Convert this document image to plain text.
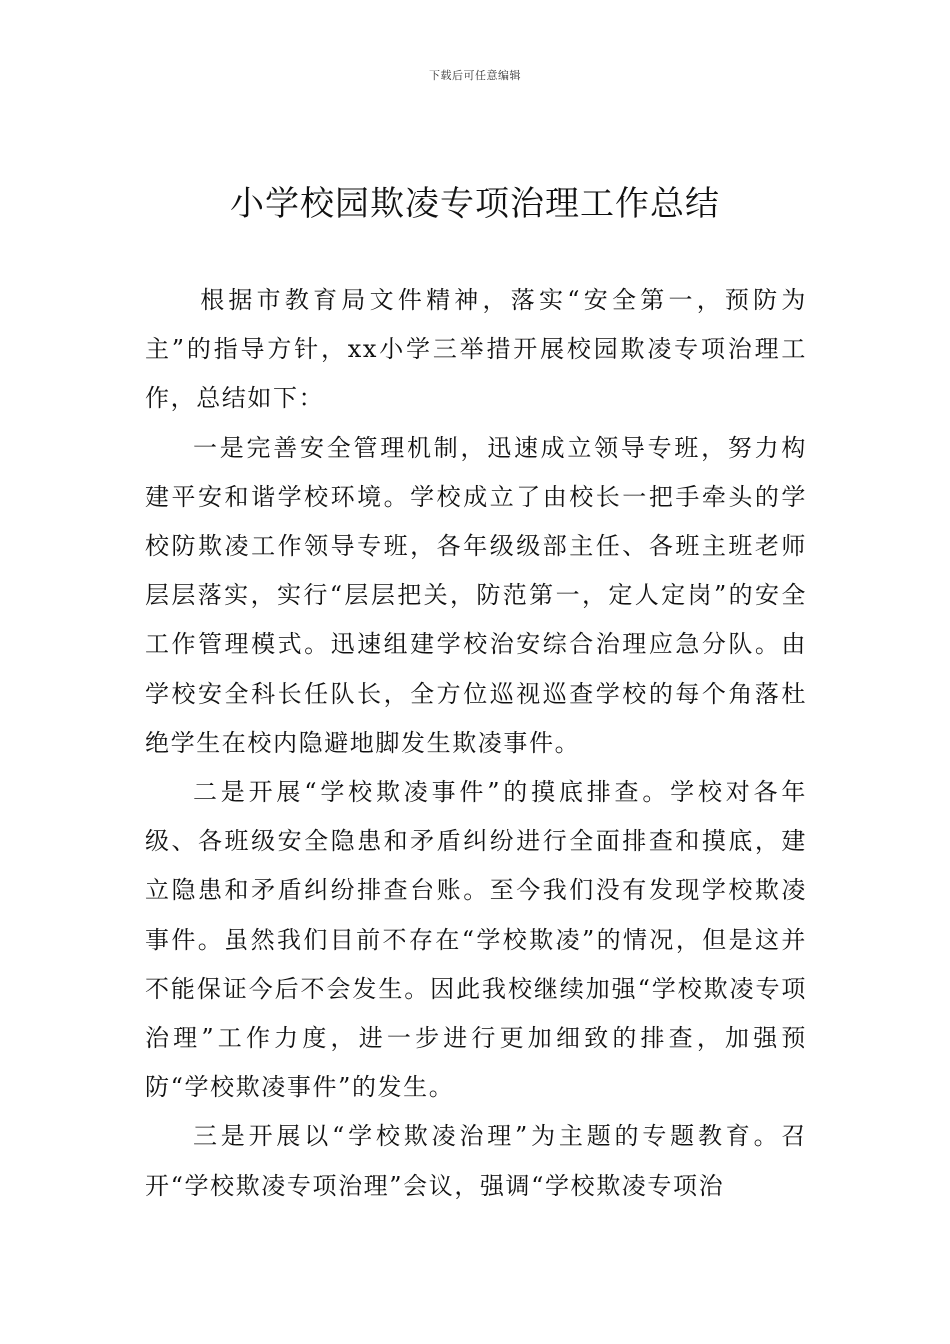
下载后可任意编辑
小学校园欺凌专项治理工作总结

根据市教育局文件精神，落实“安全第一，预防为主”的指导方针，xx小学三举措开展校园欺凌专项治理工作，总结如下：

一是完善安全管理机制，迅速成立领导专班，努力构建平安和谐学校环境。学校成立了由校长一把手牵头的学校防欺凌工作领导专班，各年级级部主任、各班主班老师层层落实，实行“层层把关，防范第一，定人定岗”的安全工作管理模式。迅速组建学校治安综合治理应急分队。由学校安全科长任队长，全方位巡视巡查学校的每个角落杜绝学生在校内隐避地脚发生欺凌事件。

二是开展“学校欺凌事件”的摸底排查。学校对各年级、各班级安全隐患和矛盾纠纷进行全面排查和摸底，建立隐患和矛盾纠纷排查台账。至今我们没有发现学校欺凌事件。虽然我们目前不存在“学校欺凌”的情况，但是这并不能保证今后不会发生。因此我校继续加强“学校欺凌专项治理”工作力度，进一步进行更加细致的排查，加强预防“学校欺凌事件”的发生。

三是开展以“学校欺凌治理”为主题的专题教育。召开“学校欺凌专项治理”会议，强调“学校欺凌专项治
